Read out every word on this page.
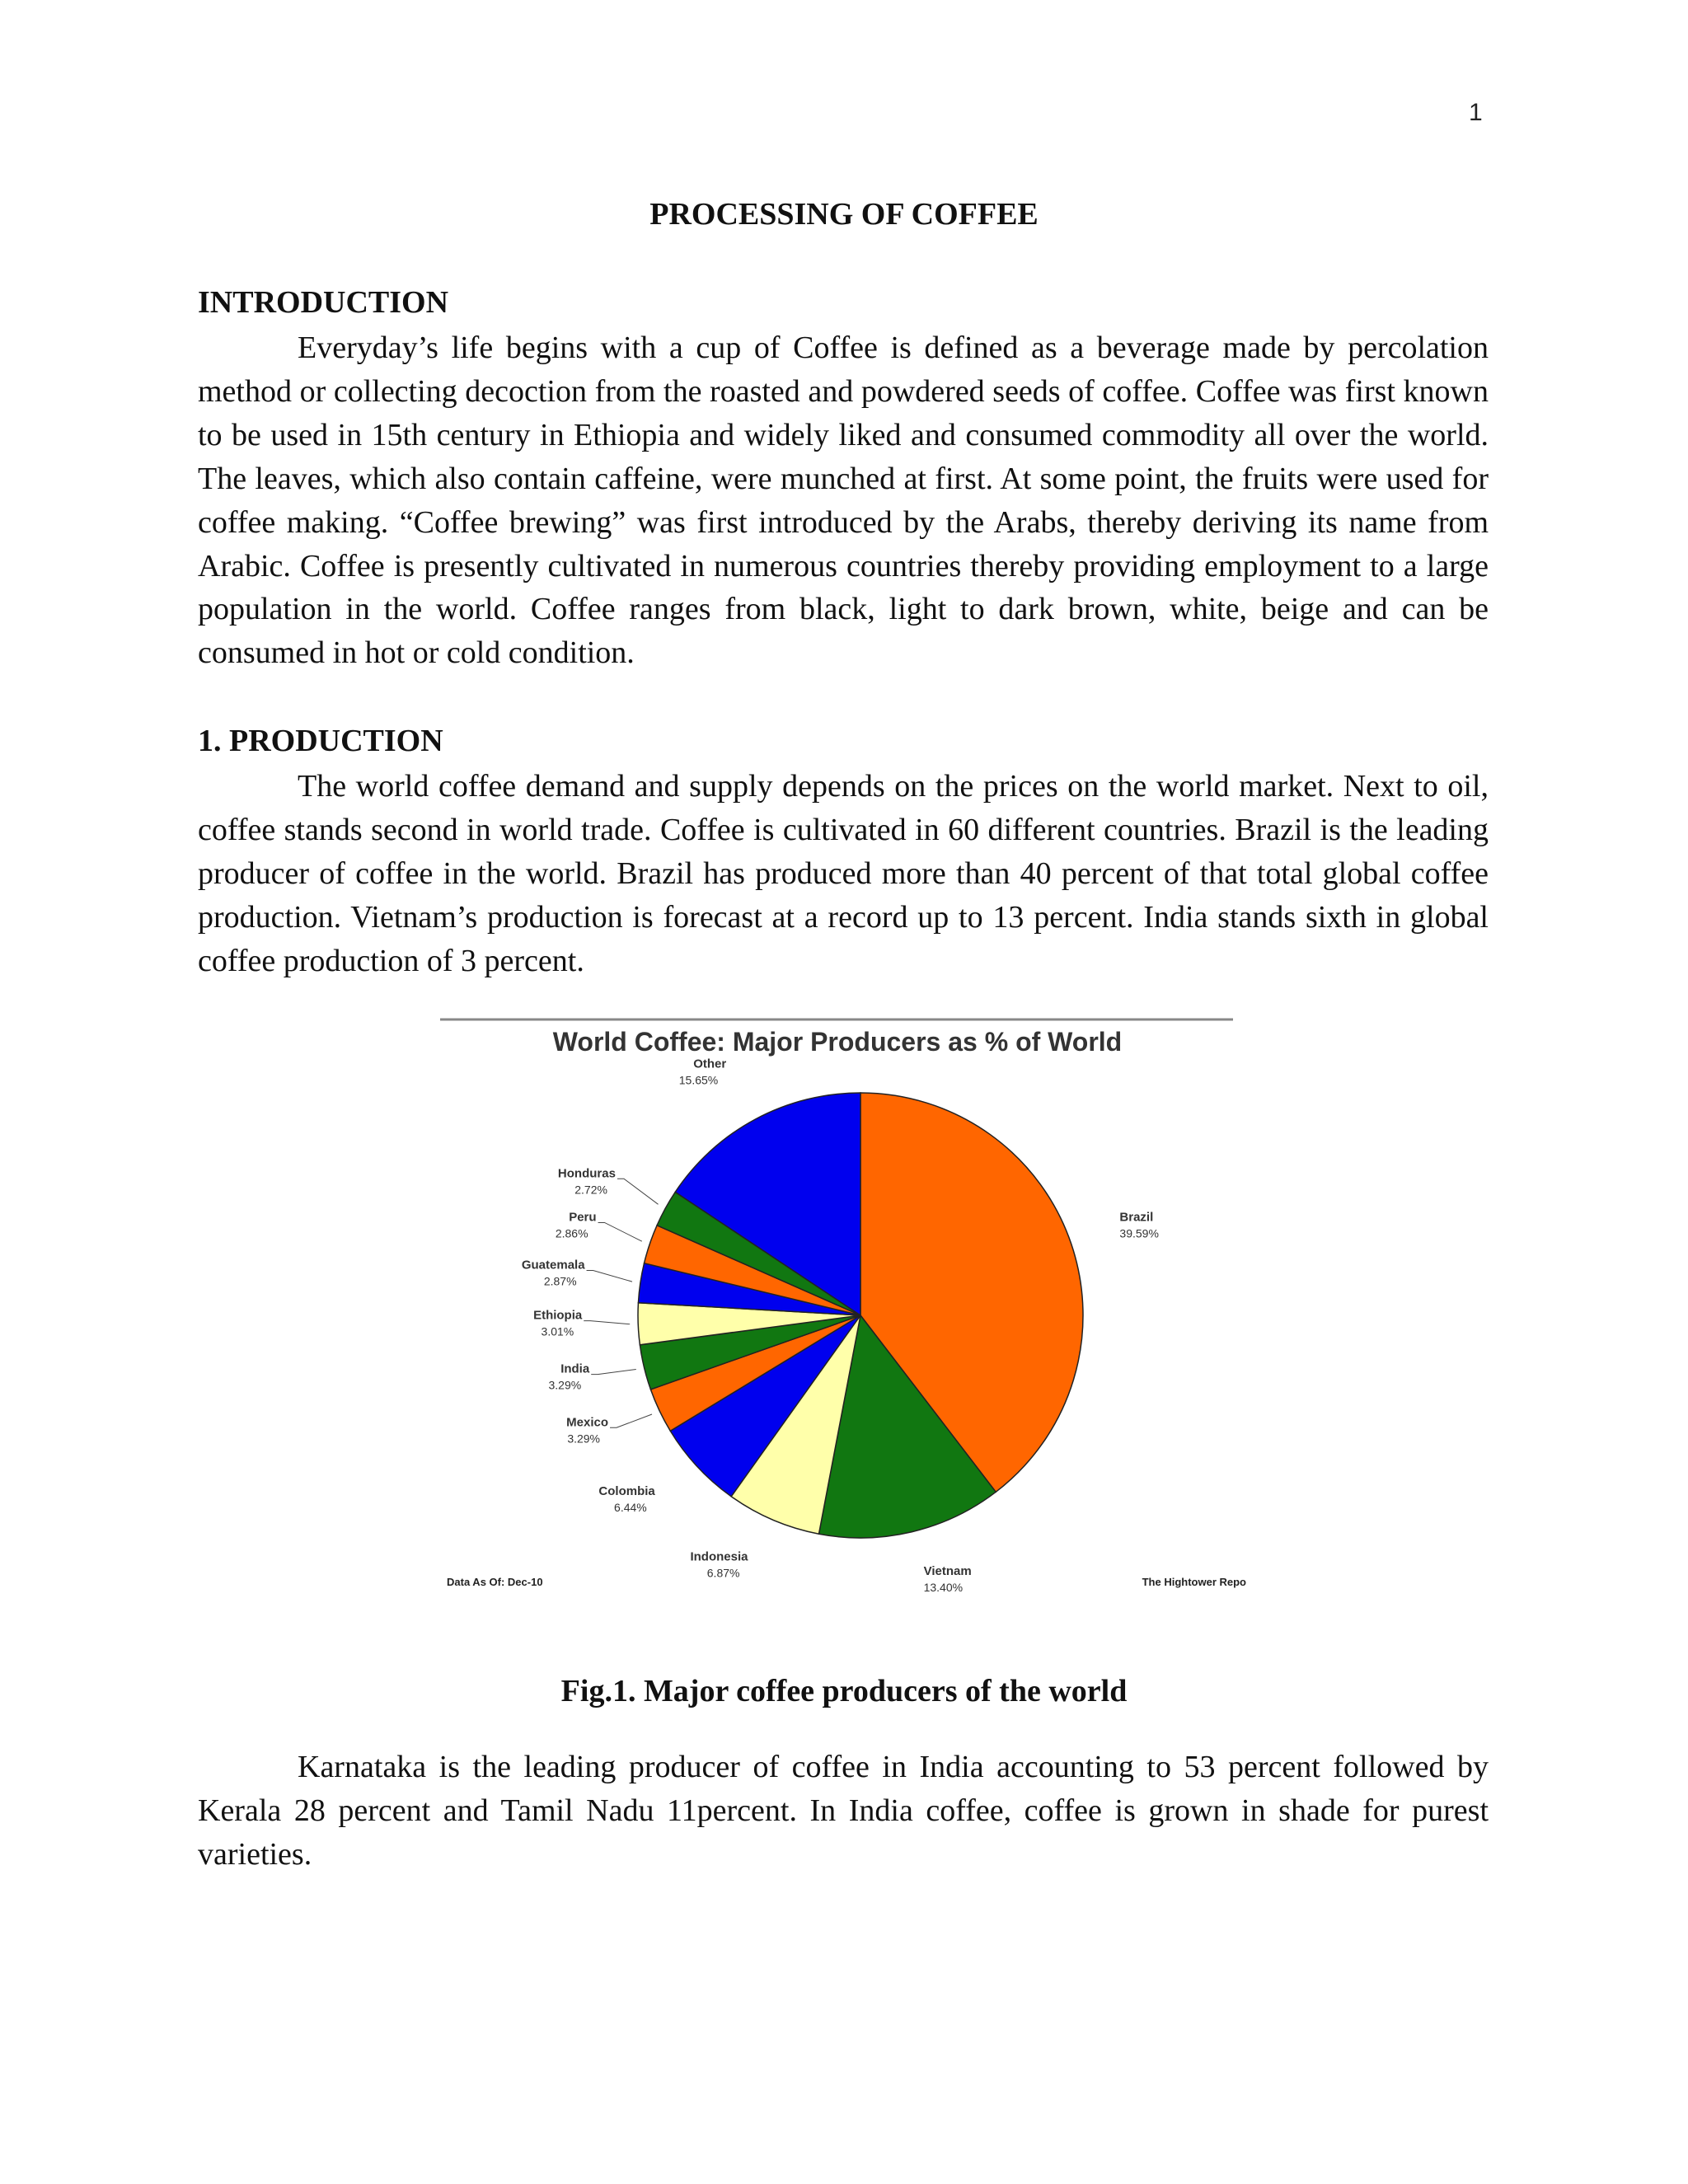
1
PROCESSING OF COFFEE
INTRODUCTION

Everyday’s life begins with a cup of Coffee is defined as a beverage made by percolation method or collecting decoction from the roasted and powdered seeds of coffee. Coffee was first known to be used in 15th century in Ethiopia and widely liked and consumed commodity all over the world. The leaves, which also contain caffeine, were munched at first. At some point, the fruits were used for coffee making. “Coffee brewing” was first introduced by the Arabs, thereby deriving its name from Arabic. Coffee is presently cultivated in numerous countries thereby providing employment to a large population in the world. Coffee ranges from black, light to dark brown, white, beige and can be consumed in hot or cold condition.

1. PRODUCTION

The world coffee demand and supply depends on the prices on the world market. Next to oil, coffee stands second in world trade. Coffee is cultivated in 60 different countries. Brazil is the leading producer of coffee in the world. Brazil has produced more than 40 percent of that total global coffee production. Vietnam’s production is forecast at a record up to 13 percent. India stands sixth in global coffee production of 3 percent.

World Coffee: Major Producers as % of World
Brazil
39.59%
Vietnam
13.40%
Indonesia
6.87%
Colombia
6.44%
Mexico
3.29%
India
3.29%
Ethiopia
3.01%
Guatemala
2.87%
Peru
2.86%
Honduras
2.72%
Other
15.65%
Data As Of: Dec-10	The Hightower Repo

Fig.1. Major coffee producers of the world

Karnataka is the leading producer of coffee in India accounting to 53 percent followed by Kerala 28 percent and Tamil Nadu 11percent. In India coffee, coffee is grown in shade for purest varieties.
